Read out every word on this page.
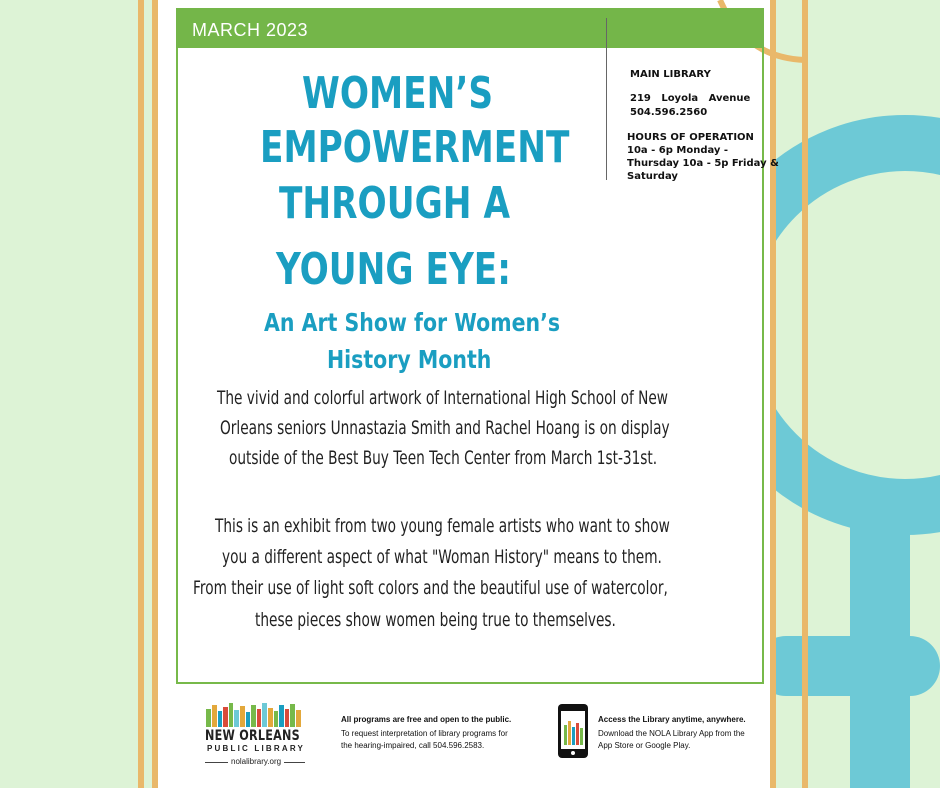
MARCH 2023
MAIN LIBRARY
219   Loyola   Avenue
504.596.2560
HOURS OF OPERATION
10a - 6p Monday -
Thursday 10a - 5p Friday &
Saturday
WOMEN’S
EMPOWERMENT
THROUGH A
YOUNG EYE:
An Art Show for Women’s
History Month
The vivid and colorful artwork of International High School of New
Orleans seniors Unnastazia Smith and Rachel Hoang is on display
outside of the Best Buy Teen Tech Center from March 1st-31st.
This is an exhibit from two young female artists who want to show
you a different aspect of what "Woman History" means to them.
From their use of light soft colors and the beautiful use of watercolor,
these pieces show women being true to themselves.
NEW ORLEANS
PUBLIC LIBRARY
nolalibrary.org
All programs are free and open to the public.
To request interpretation of library programs for
the hearing-impaired, call 504.596.2583.
Access the Library anytime, anywhere.
Download the NOLA Library App from the
App Store or Google Play.
